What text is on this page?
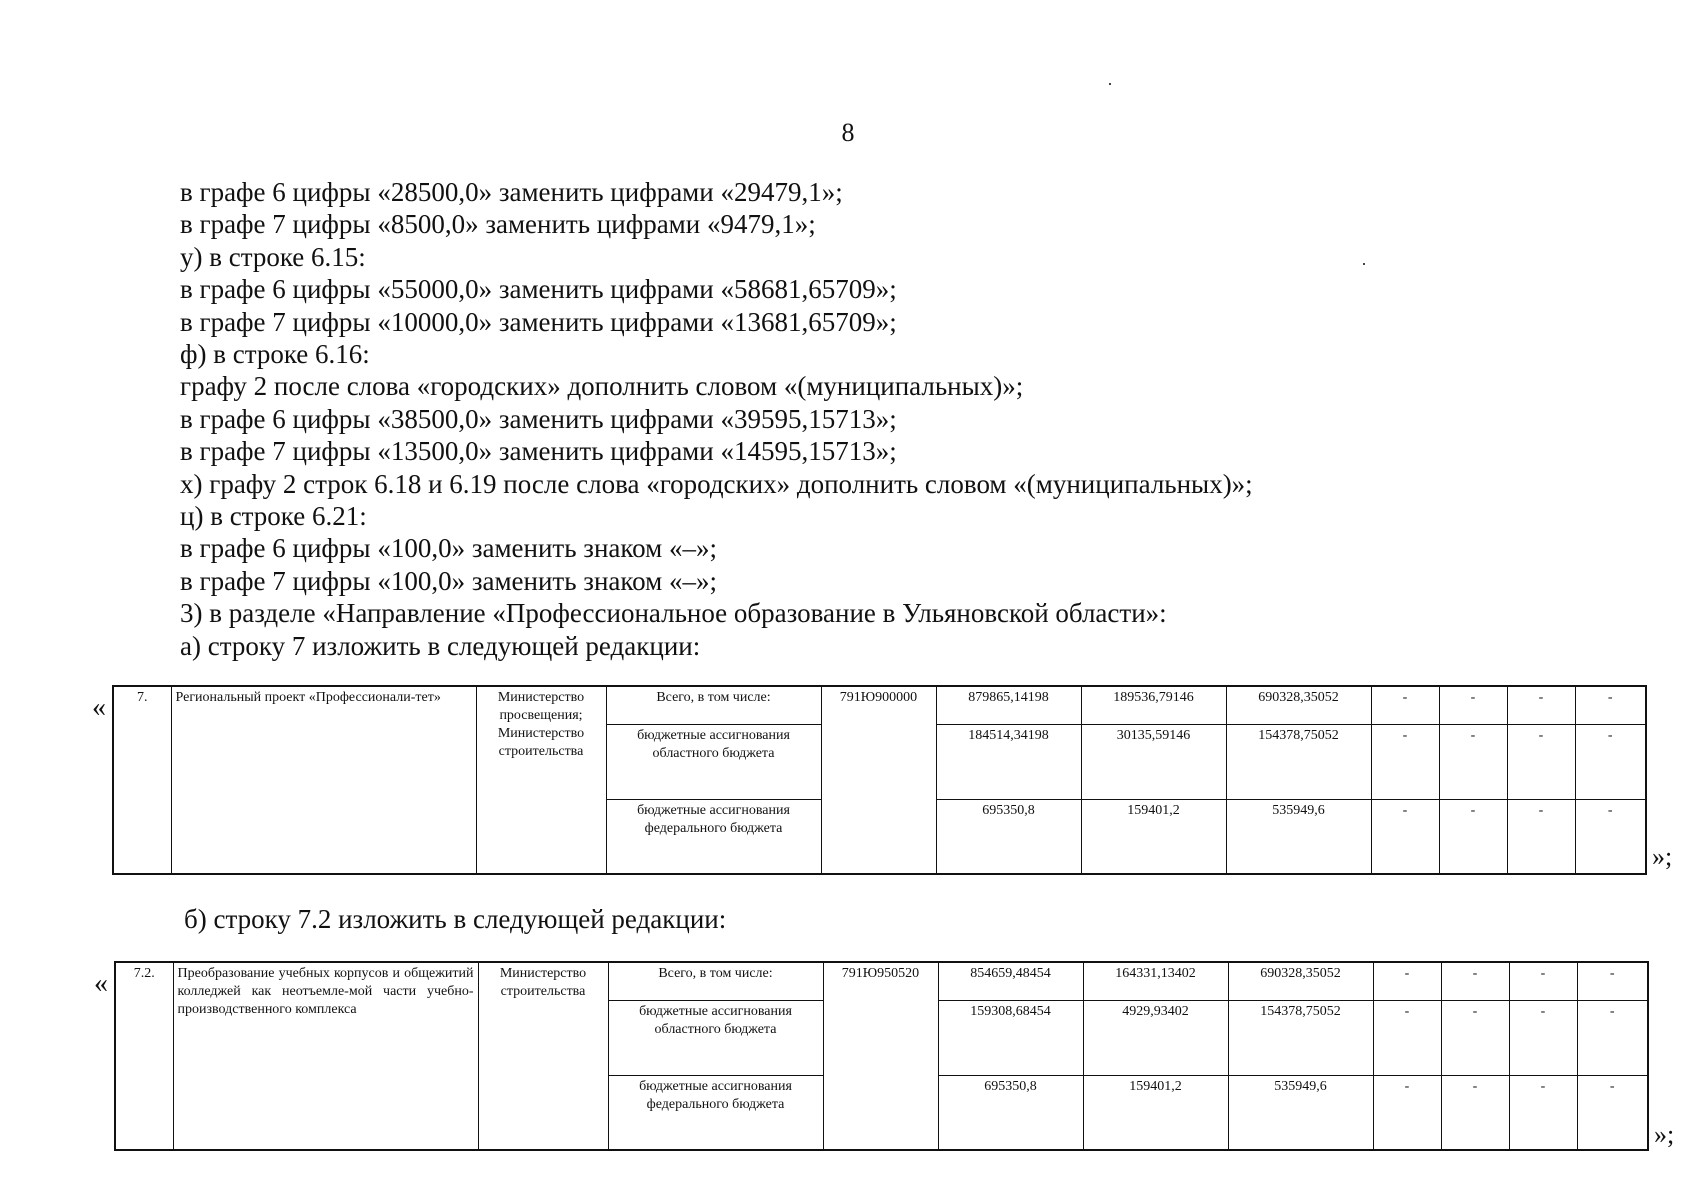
8
в графе 6 цифры «28500,0» заменить цифрами «29479,1»;
в графе 7 цифры «8500,0» заменить цифрами «9479,1»;
у) в строке 6.15:
в графе 6 цифры «55000,0» заменить цифрами «58681,65709»;
в графе 7 цифры «10000,0» заменить цифрами «13681,65709»;
ф) в строке 6.16:
графу 2 после слова «городских» дополнить словом «(муниципальных)»;
в графе 6 цифры «38500,0» заменить цифрами «39595,15713»;
в графе 7 цифры «13500,0» заменить цифрами «14595,15713»;
х) графу 2 строк 6.18 и 6.19 после слова «городских» дополнить словом «(муниципальных)»;
ц) в строке 6.21:
в графе 6 цифры «100,0» заменить знаком «–»;
в графе 7 цифры «100,0» заменить знаком «–»;
3) в разделе «Направление «Профессиональное образование в Ульяновской области»:
а) строку 7 изложить в следующей редакции:
« 7.	Региональный проект «Профессионали-тет»	Министерство просвещения; Министерство строительства	Всего, в том числе:	791Ю900000	879865,14198	189536,79146	690328,35052	-	-	-	-
			бюджетные ассигнования областного бюджета		184514,34198	30135,59146	154378,75052	-	-	-	-
			бюджетные ассигнования федерального бюджета		695350,8	159401,2	535949,6	-	-	-	-
»;
б) строку 7.2 изложить в следующей редакции:
« 7.2.	Преобразование учебных корпусов и общежитий колледжей как неотъемле-мой части учебно-производственного комплекса	Министерство строительства	Всего, в том числе:	791Ю950520	854659,48454	164331,13402	690328,35052	-	-	-	-
			бюджетные ассигнования областного бюджета		159308,68454	4929,93402	154378,75052	-	-	-	-
			бюджетные ассигнования федерального бюджета		695350,8	159401,2	535949,6	-	-	-	-
»;
